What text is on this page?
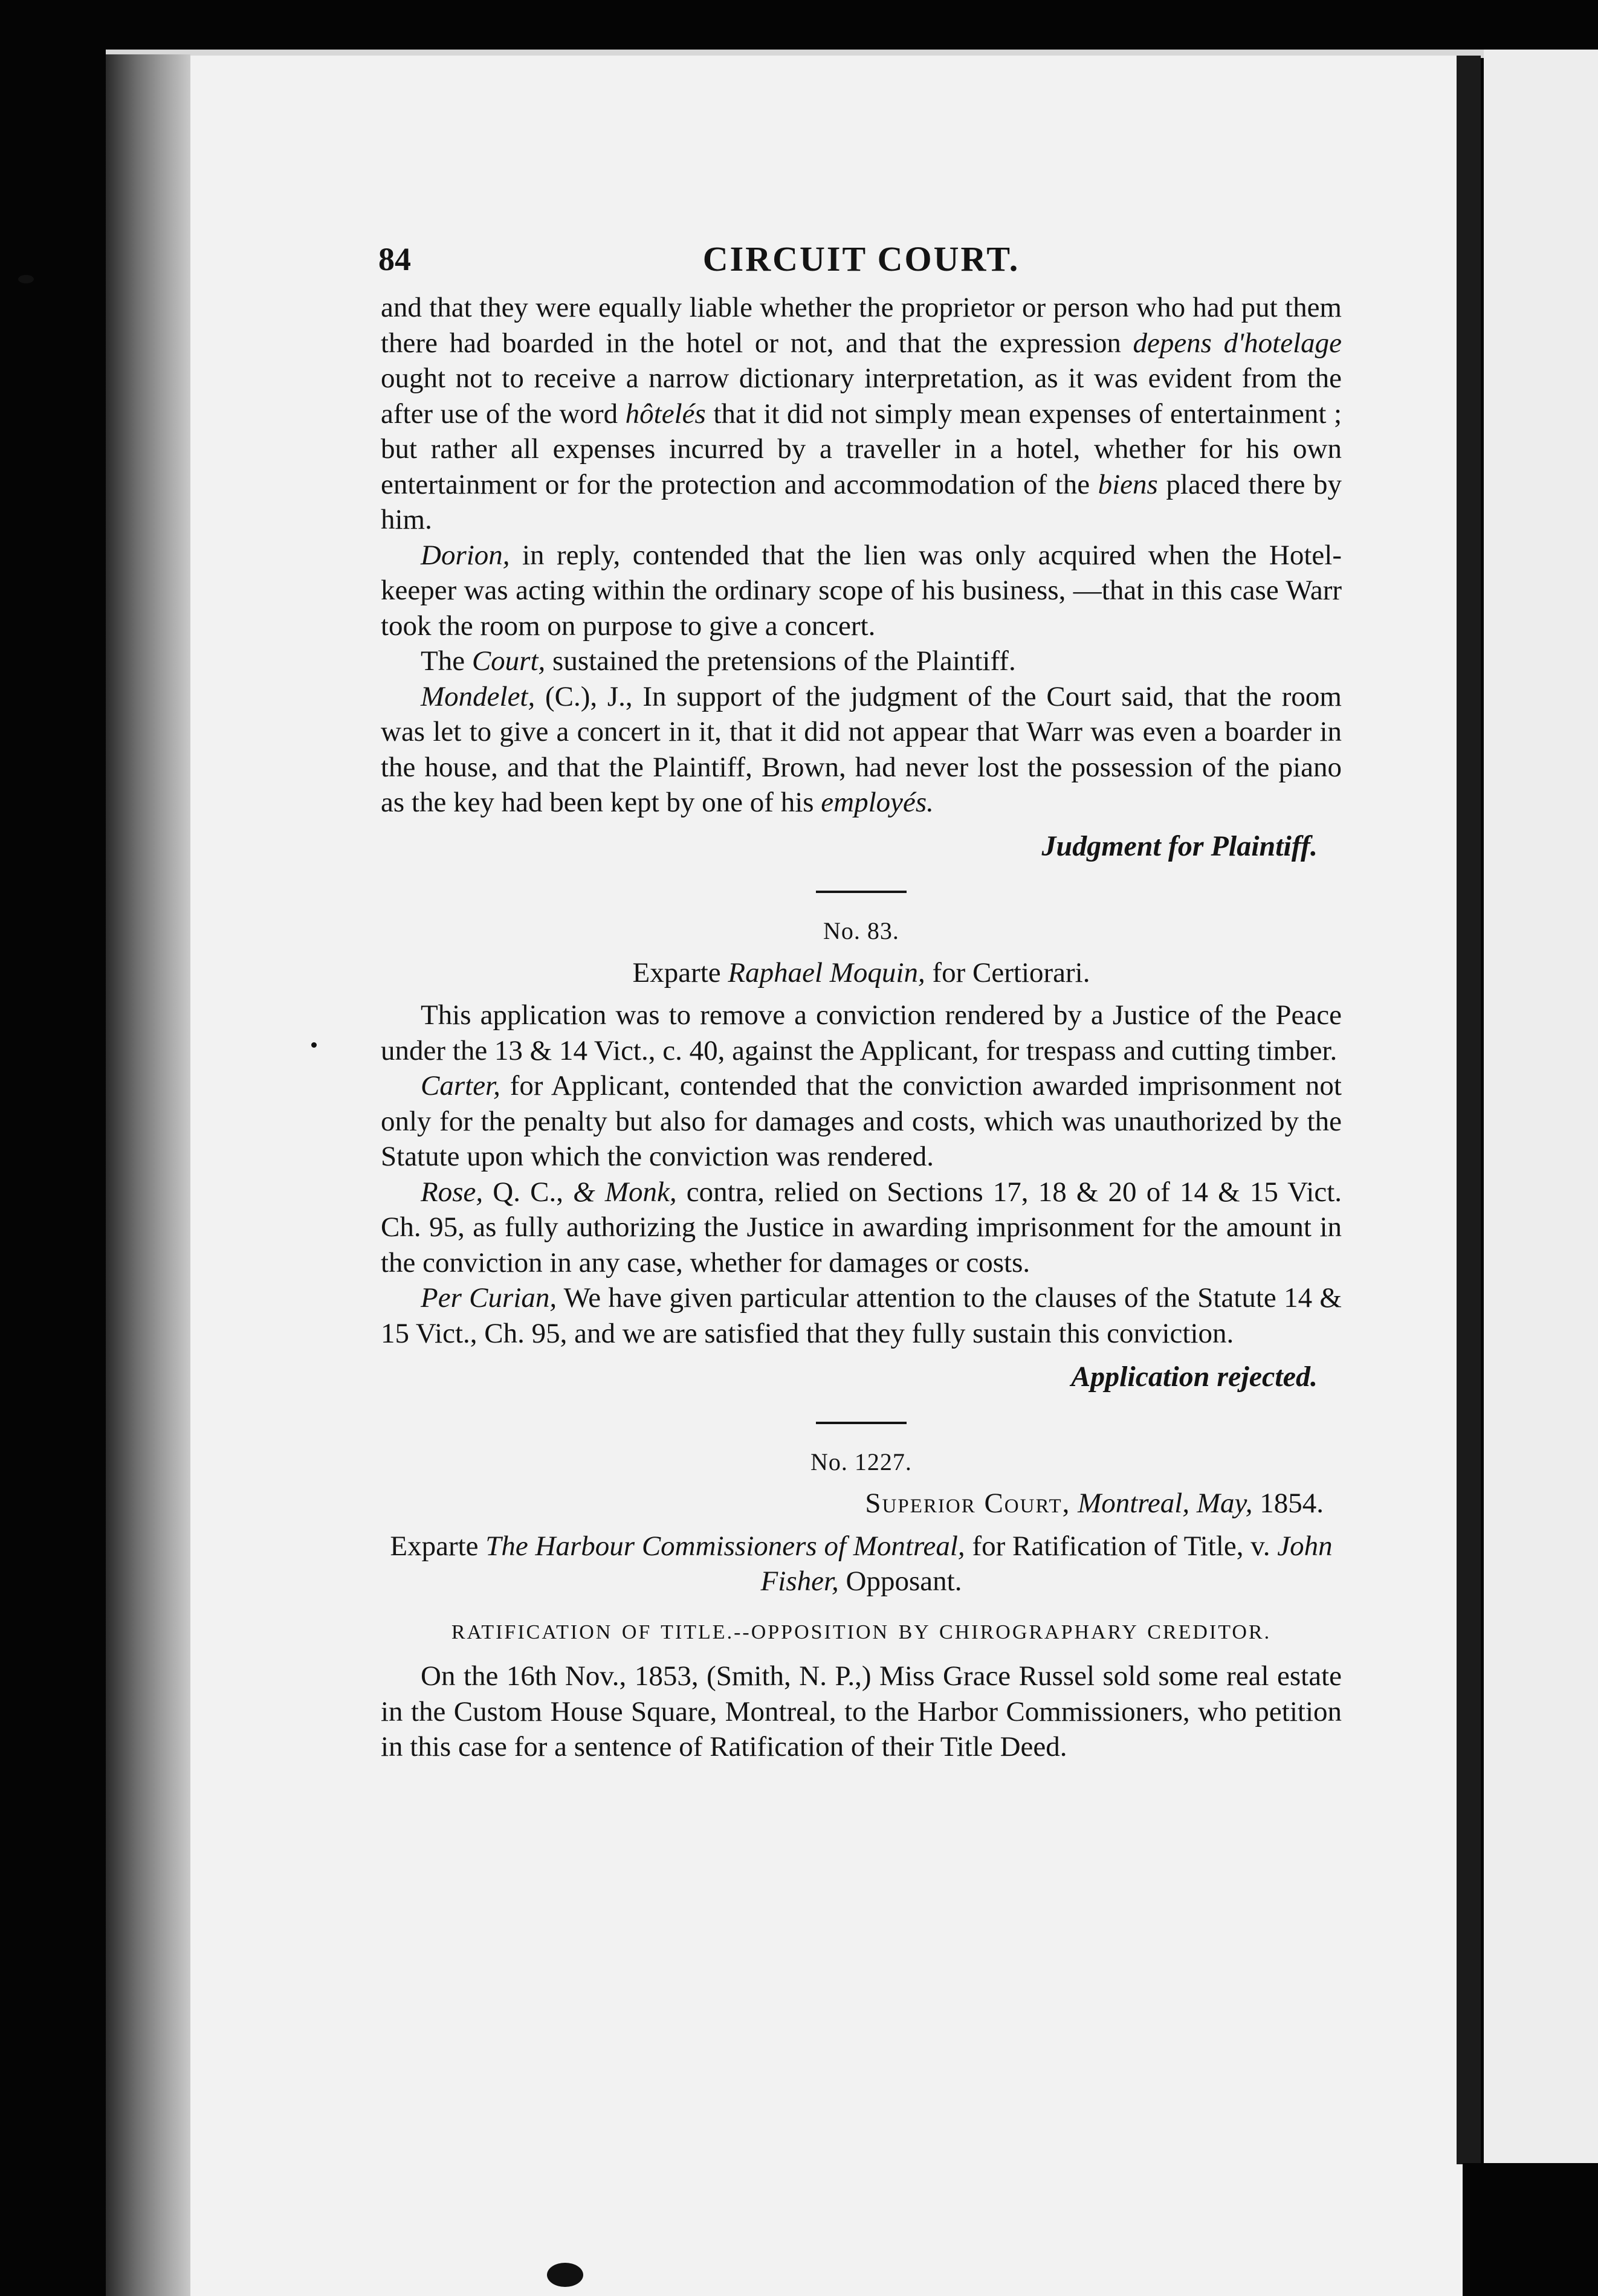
84	CIRCUIT COURT.

and that they were equally liable whether the proprietor or person who had put them there had boarded in the hotel or not, and that the expression depens d'hotelage ought not to receive a narrow dictionary interpretation, as it was evident from the after use of the word hôtelés that it did not simply mean expenses of entertainment ; but rather all expenses incurred by a traveller in a hotel, whether for his own entertainment or for the protection and accommodation of the biens placed there by him.

Dorion, in reply, contended that the lien was only acquired when the Hotel-keeper was acting within the ordinary scope of his business, —that in this case Warr took the room on purpose to give a concert.

The Court, sustained the pretensions of the Plaintiff.

Mondelet, (C.), J., In support of the judgment of the Court said, that the room was let to give a concert in it, that it did not appear that Warr was even a boarder in the house, and that the Plaintiff, Brown, had never lost the possession of the piano as the key had been kept by one of his employés.

Judgment for Plaintiff.

No. 83.

Exparte Raphael Moquin, for Certiorari.

This application was to remove a conviction rendered by a Justice of the Peace under the 13 & 14 Vict., c. 40, against the Applicant, for trespass and cutting timber.

Carter, for Applicant, contended that the conviction awarded imprisonment not only for the penalty but also for damages and costs, which was unauthorized by the Statute upon which the conviction was rendered.

Rose, Q. C., & Monk, contra, relied on Sections 17, 18 & 20 of 14 & 15 Vict. Ch. 95, as fully authorizing the Justice in awarding imprisonment for the amount in the conviction in any case, whether for damages or costs.

Per Curian, We have given particular attention to the clauses of the Statute 14 & 15 Vict., Ch. 95, and we are satisfied that they fully sustain this conviction.

Application rejected.

No. 1227.

Superior Court, Montreal, May, 1854.

Exparte The Harbour Commissioners of Montreal, for Ratification of Title, v. John Fisher, Opposant.

RATIFICATION OF TITLE.--OPPOSITION BY CHIROGRAPHARY CREDITOR.

On the 16th Nov., 1853, (Smith, N. P.,) Miss Grace Russel sold some real estate in the Custom House Square, Montreal, to the Harbor Commissioners, who petition in this case for a sentence of Ratification of their Title Deed.
